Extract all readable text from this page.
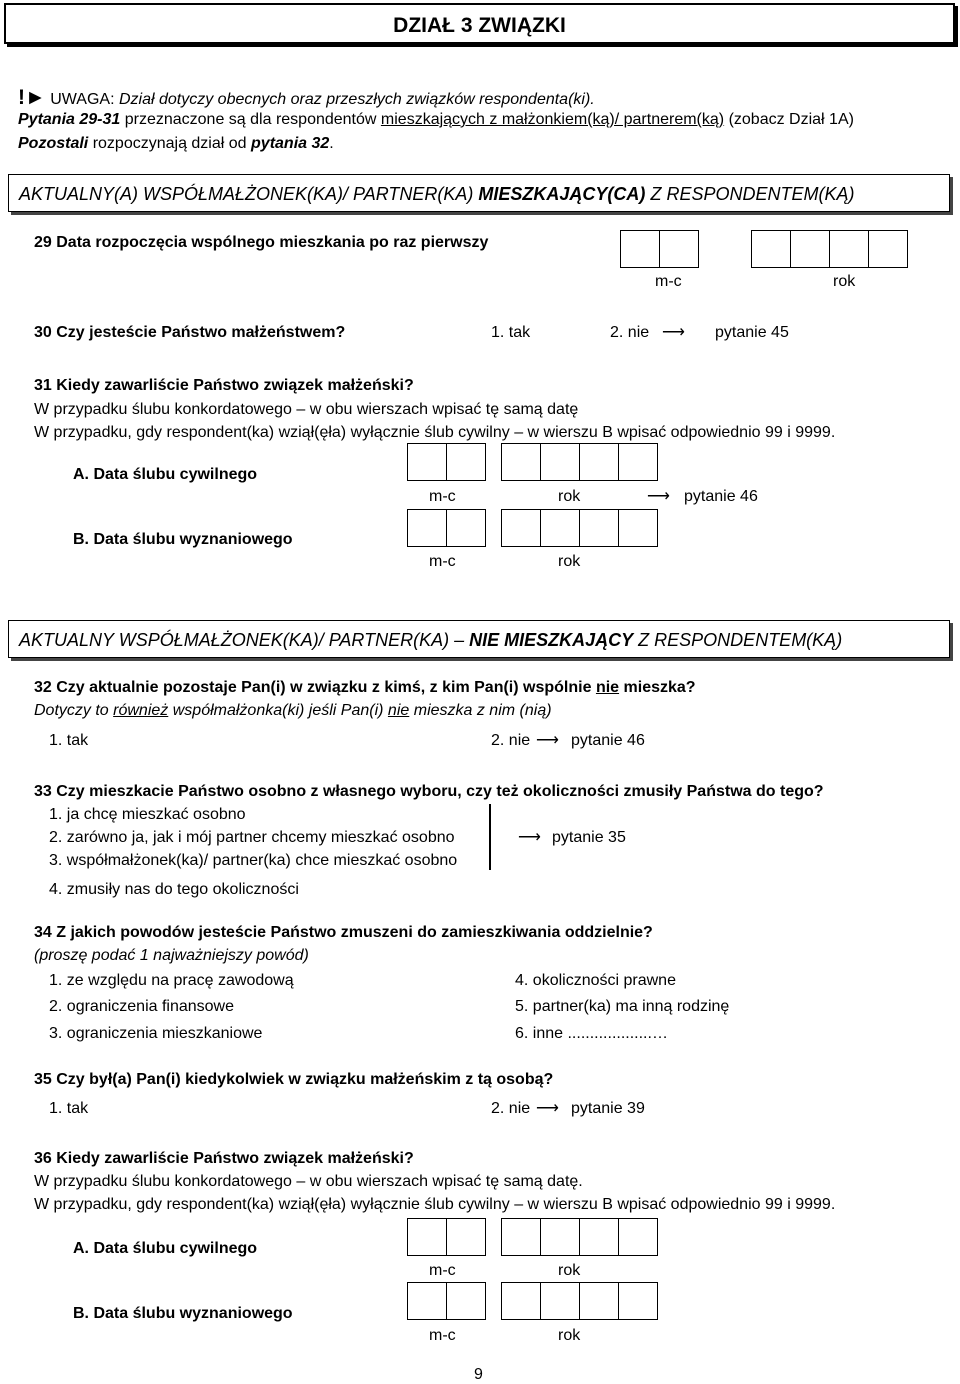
DZIAŁ 3 ZWIĄZKI
!► UWAGA: Dział dotyczy obecnych oraz przeszłych związków respondenta(ki).
Pytania 29-31 przeznaczone są dla respondentów mieszkających z małżonkiem(ką)/ partnerem(ką) (zobacz Dział 1A)
Pozostali rozpoczynają dział od pytania 32.
AKTUALNY(A) WSPÓŁMAŁŻONEK(KA)/ PARTNER(KA) MIESZKAJĄCY(CA) Z RESPONDENTEM(KĄ)
29 Data rozpoczęcia wspólnego mieszkania po raz pierwszy
m-c	rok
30 Czy jesteście Państwo małżeństwem?	1. tak	2. nie ⟶ pytanie 45
31 Kiedy zawarliście Państwo związek małżeński?
W przypadku ślubu konkordatowego – w obu wierszach wpisać tę samą datę
W przypadku, gdy respondent(ka) wziął(ęła) wyłącznie ślub cywilny – w wierszu B wpisać odpowiednio 99 i 9999.
A. Data ślubu cywilnego
m-c	rok	⟶ pytanie 46
B. Data ślubu wyznaniowego
m-c	rok
AKTUALNY WSPÓŁMAŁŻONEK(KA)/ PARTNER(KA) – NIE MIESZKAJĄCY Z RESPONDENTEM(KĄ)
32 Czy aktualnie pozostaje Pan(i) w związku z kimś, z kim Pan(i) wspólnie nie mieszka?
Dotyczy to również współmałżonka(ki) jeśli Pan(i) nie mieszka z nim (nią)
1. tak	2. nie ⟶ pytanie 46
33 Czy mieszkacie Państwo osobno z własnego wyboru, czy też okoliczności zmusiły Państwa do tego?
1. ja chcę mieszkać osobno
2. zarówno ja, jak i mój partner chcemy mieszkać osobno
3. współmałżonek(ka)/ partner(ka) chce mieszkać osobno
4. zmusiły nas do tego okoliczności
⟶ pytanie 35
34 Z jakich powodów jesteście Państwo zmuszeni do zamieszkiwania oddzielnie?
(proszę podać 1 najważniejszy powód)
1. ze względu na pracę zawodową
2. ograniczenia finansowe
3. ograniczenia mieszkaniowe
4. okoliczności prawne
5. partner(ka) ma inną rodzinę
6. inne ...................…
35 Czy był(a) Pan(i) kiedykolwiek w związku małżeńskim z tą osobą?
1. tak	2. nie ⟶ pytanie 39
36 Kiedy zawarliście Państwo związek małżeński?
W przypadku ślubu konkordatowego – w obu wierszach wpisać tę samą datę.
W przypadku, gdy respondent(ka) wziął(ęła) wyłącznie ślub cywilny – w wierszu B wpisać odpowiednio 99 i 9999.
A. Data ślubu cywilnego
m-c	rok
B. Data ślubu wyznaniowego
m-c	rok
9
